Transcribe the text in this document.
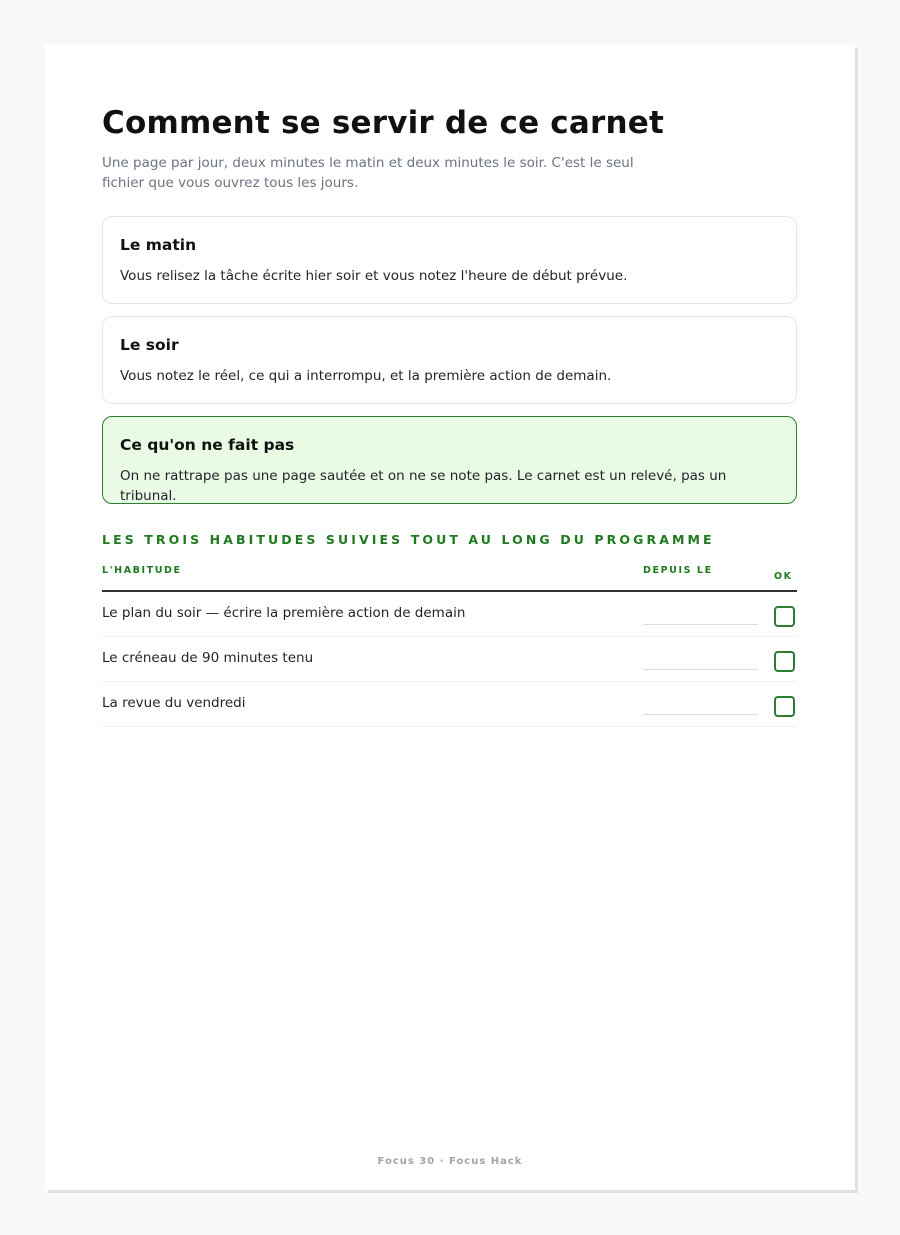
Comment se servir de ce carnet

Une page par jour, deux minutes le matin et deux minutes le soir. C'est le seul fichier que vous ouvrez tous les jours.

Le matin
Vous relisez la tâche écrite hier soir et vous notez l'heure de début prévue.
Le soir
Vous notez le réel, ce qui a interrompu, et la première action de demain.
Ce qu'on ne fait pas
On ne rattrape pas une page sautée et on ne se note pas. Le carnet est un relevé, pas un tribunal.
LES TROIS HABITUDES SUIVIES TOUT AU LONG DU PROGRAMME
L'HABITUDE	DEPUIS LE
OK
Le plan du soir — écrire la première action de demain
Le créneau de 90 minutes tenu
La revue du vendredi
Focus 30 · Focus Hack
